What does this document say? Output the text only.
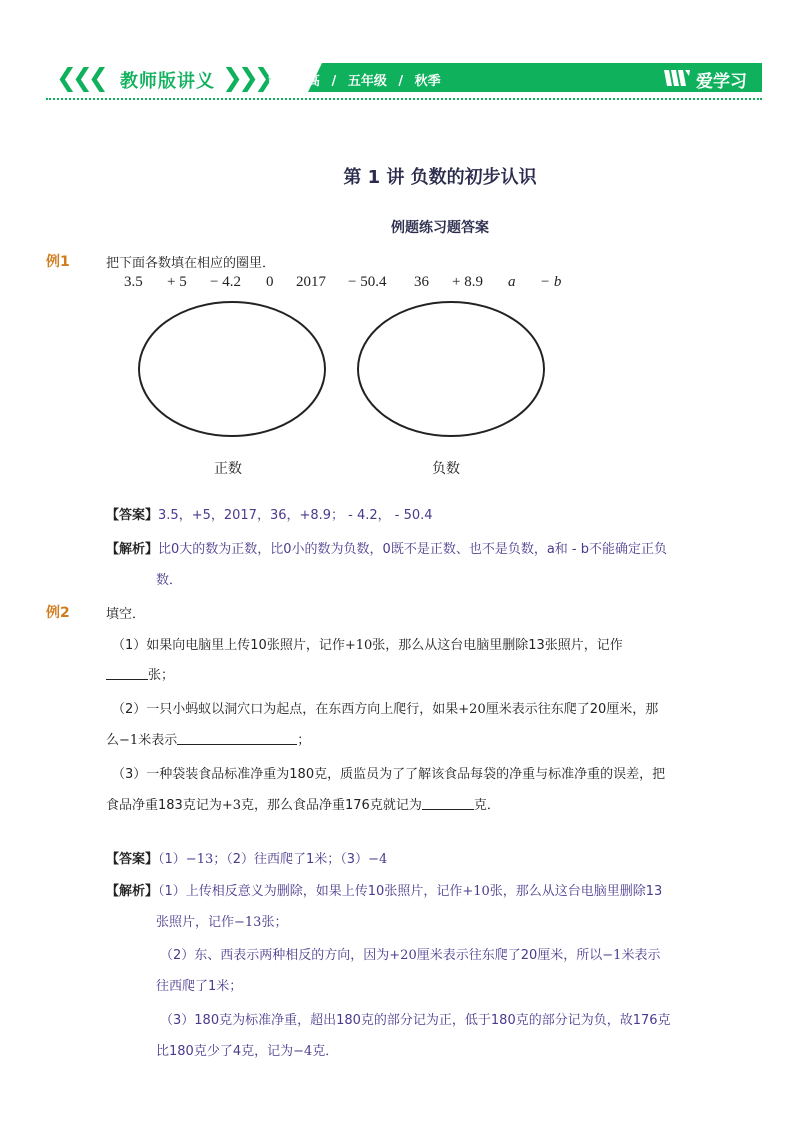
❮❮❮	❯❯❯
教师版讲义	能力提高 / 五年级 / 秋季	爱学习
第 1 讲 负数的初步认识
例题练习题答案
例1	把下面各数填在相应的圈里．
3.5 + 5 − 4.2 0 2017 − 50.4 36 + 8.9 a − b
正数	负数
【答案】3.5，+5，2017，36，+8.9； - 4.2， - 50.4
【解析】比0大的数为正数，比0小的数为负数，0既不是正数、也不是负数，a和 - b不能确定正负
数．
例2	填空．
（1）如果向电脑里上传10张照片，记作+10张，那么从这台电脑里删除13张照片，记作
张；
（2）一只小蚂蚁以洞穴口为起点，在东西方向上爬行，如果+20厘米表示往东爬了20厘米，那
么−1米表示	；
（3）一种袋装食品标准净重为180克，质监员为了了解该食品每袋的净重与标准净重的误差，把
食品净重183克记为+3克，那么食品净重176克就记为	克．
【答案】（1）−13；（2）往西爬了1米；（3）−4
【解析】（1）上传相反意义为删除，如果上传10张照片，记作+10张，那么从这台电脑里删除13
张照片，记作−13张；
（2）东、西表示两种相反的方向，因为+20厘米表示往东爬了20厘米，所以−1米表示
往西爬了1米；
（3）180克为标准净重，超出180克的部分记为正，低于180克的部分记为负，故176克
比180克少了4克，记为−4克．
